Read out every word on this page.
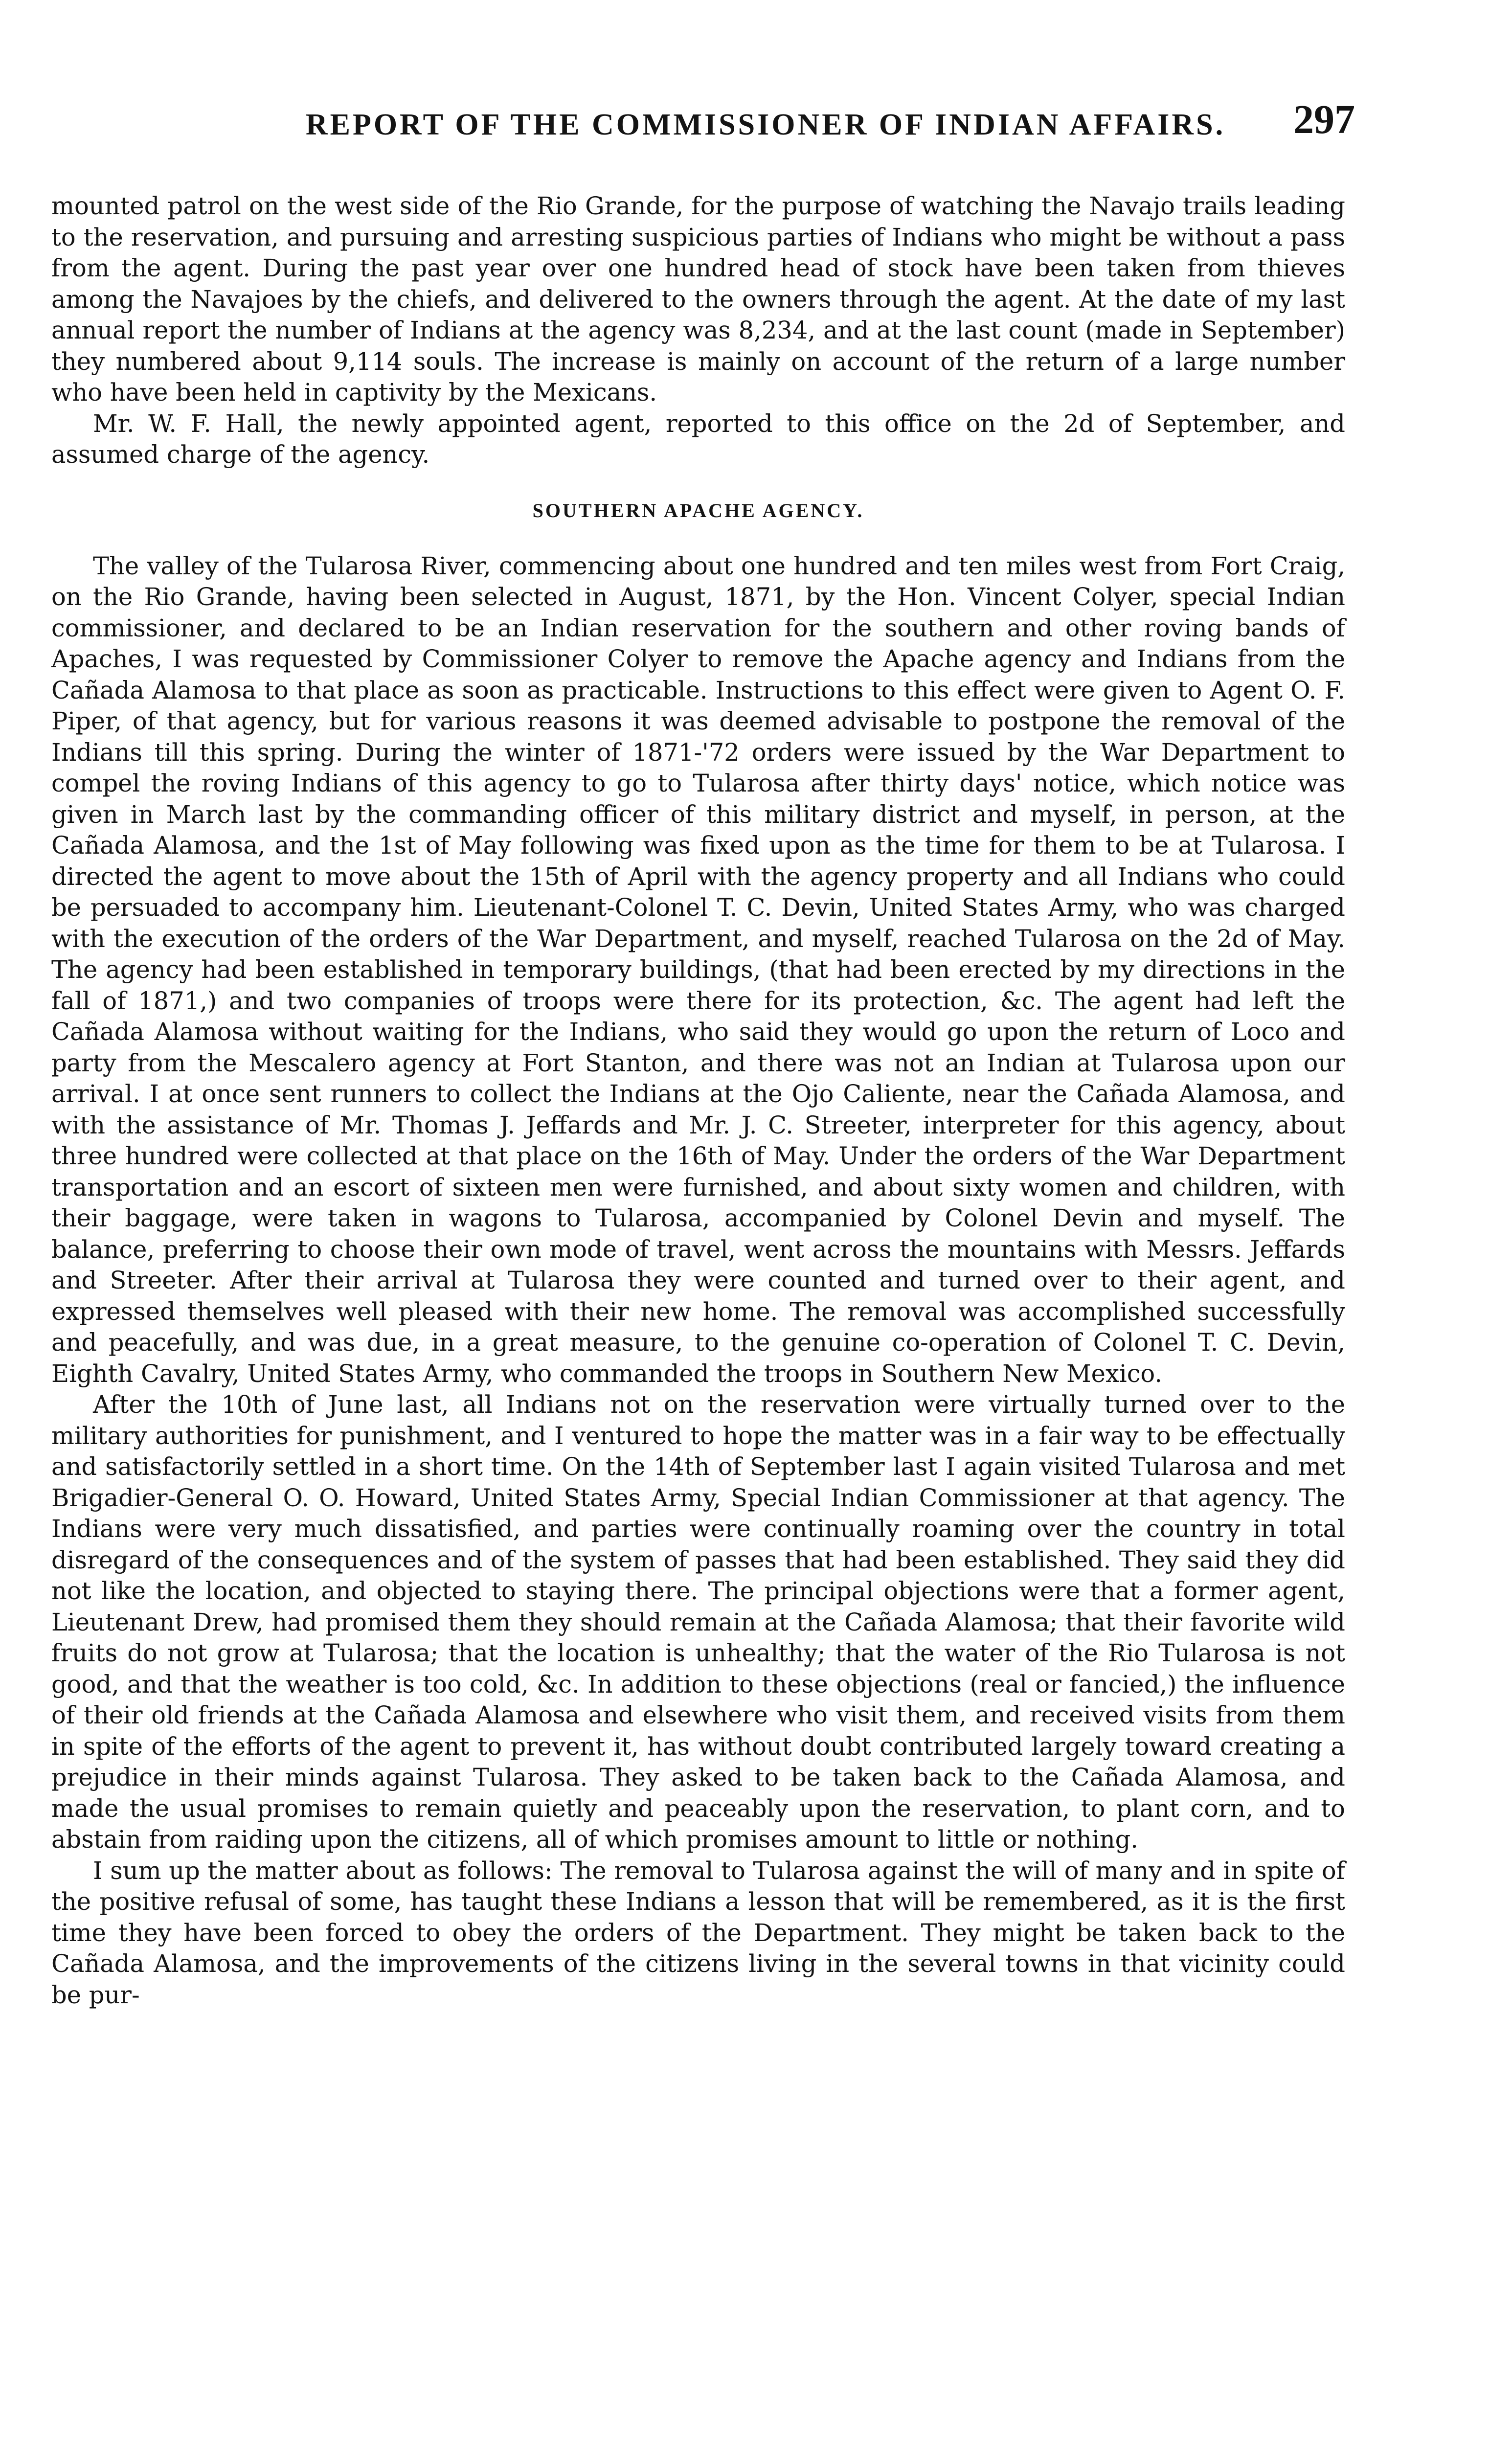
REPORT OF THE COMMISSIONER OF INDIAN AFFAIRS.	297

mounted patrol on the west side of the Rio Grande, for the purpose of watching the Navajo trails leading to the reservation, and pursuing and arresting suspicious parties of Indians who might be without a pass from the agent. During the past year over one hundred head of stock have been taken from thieves among the Navajoes by the chiefs, and delivered to the owners through the agent. At the date of my last annual report the number of Indians at the agency was 8,234, and at the last count (made in September) they numbered about 9,114 souls. The increase is mainly on account of the return of a large number who have been held in captivity by the Mexicans.

Mr. W. F. Hall, the newly appointed agent, reported to this office on the 2d of September, and assumed charge of the agency.

SOUTHERN APACHE AGENCY.

The valley of the Tularosa River, commencing about one hundred and ten miles west from Fort Craig, on the Rio Grande, having been selected in August, 1871, by the Hon. Vincent Colyer, special Indian commissioner, and declared to be an Indian reservation for the southern and other roving bands of Apaches, I was requested by Commissioner Colyer to remove the Apache agency and Indians from the Cañada Alamosa to that place as soon as practicable. Instructions to this effect were given to Agent O. F. Piper, of that agency, but for various reasons it was deemed advisable to postpone the removal of the Indians till this spring. During the winter of 1871-'72 orders were issued by the War Department to compel the roving Indians of this agency to go to Tularosa after thirty days' notice, which notice was given in March last by the commanding officer of this military district and myself, in person, at the Cañada Alamosa, and the 1st of May following was fixed upon as the time for them to be at Tularosa. I directed the agent to move about the 15th of April with the agency property and all Indians who could be persuaded to accompany him. Lieutenant-Colonel T. C. Devin, United States Army, who was charged with the execution of the orders of the War Department, and myself, reached Tularosa on the 2d of May. The agency had been established in temporary buildings, (that had been erected by my directions in the fall of 1871,) and two companies of troops were there for its protection, &c. The agent had left the Cañada Alamosa without waiting for the Indians, who said they would go upon the return of Loco and party from the Mescalero agency at Fort Stanton, and there was not an Indian at Tularosa upon our arrival. I at once sent runners to collect the Indians at the Ojo Caliente, near the Cañada Alamosa, and with the assistance of Mr. Thomas J. Jeffards and Mr. J. C. Streeter, interpreter for this agency, about three hundred were collected at that place on the 16th of May. Under the orders of the War Department transportation and an escort of sixteen men were furnished, and about sixty women and children, with their baggage, were taken in wagons to Tularosa, accompanied by Colonel Devin and myself. The balance, preferring to choose their own mode of travel, went across the mountains with Messrs. Jeffards and Streeter. After their arrival at Tularosa they were counted and turned over to their agent, and expressed themselves well pleased with their new home. The removal was accomplished successfully and peacefully, and was due, in a great measure, to the genuine co-operation of Colonel T. C. Devin, Eighth Cavalry, United States Army, who commanded the troops in Southern New Mexico.

After the 10th of June last, all Indians not on the reservation were virtually turned over to the military authorities for punishment, and I ventured to hope the matter was in a fair way to be effectually and satisfactorily settled in a short time. On the 14th of September last I again visited Tularosa and met Brigadier-General O. O. Howard, United States Army, Special Indian Commissioner at that agency. The Indians were very much dissatisfied, and parties were continually roaming over the country in total disregard of the consequences and of the system of passes that had been established. They said they did not like the location, and objected to staying there. The principal objections were that a former agent, Lieutenant Drew, had promised them they should remain at the Cañada Alamosa; that their favorite wild fruits do not grow at Tularosa; that the location is unhealthy; that the water of the Rio Tularosa is not good, and that the weather is too cold, &c. In addition to these objections (real or fancied,) the influence of their old friends at the Cañada Alamosa and elsewhere who visit them, and received visits from them in spite of the efforts of the agent to prevent it, has without doubt contributed largely toward creating a prejudice in their minds against Tularosa. They asked to be taken back to the Cañada Alamosa, and made the usual promises to remain quietly and peaceably upon the reservation, to plant corn, and to abstain from raiding upon the citizens, all of which promises amount to little or nothing.

I sum up the matter about as follows: The removal to Tularosa against the will of many and in spite of the positive refusal of some, has taught these Indians a lesson that will be remembered, as it is the first time they have been forced to obey the orders of the Department. They might be taken back to the Cañada Alamosa, and the improvements of the citizens living in the several towns in that vicinity could be pur-
